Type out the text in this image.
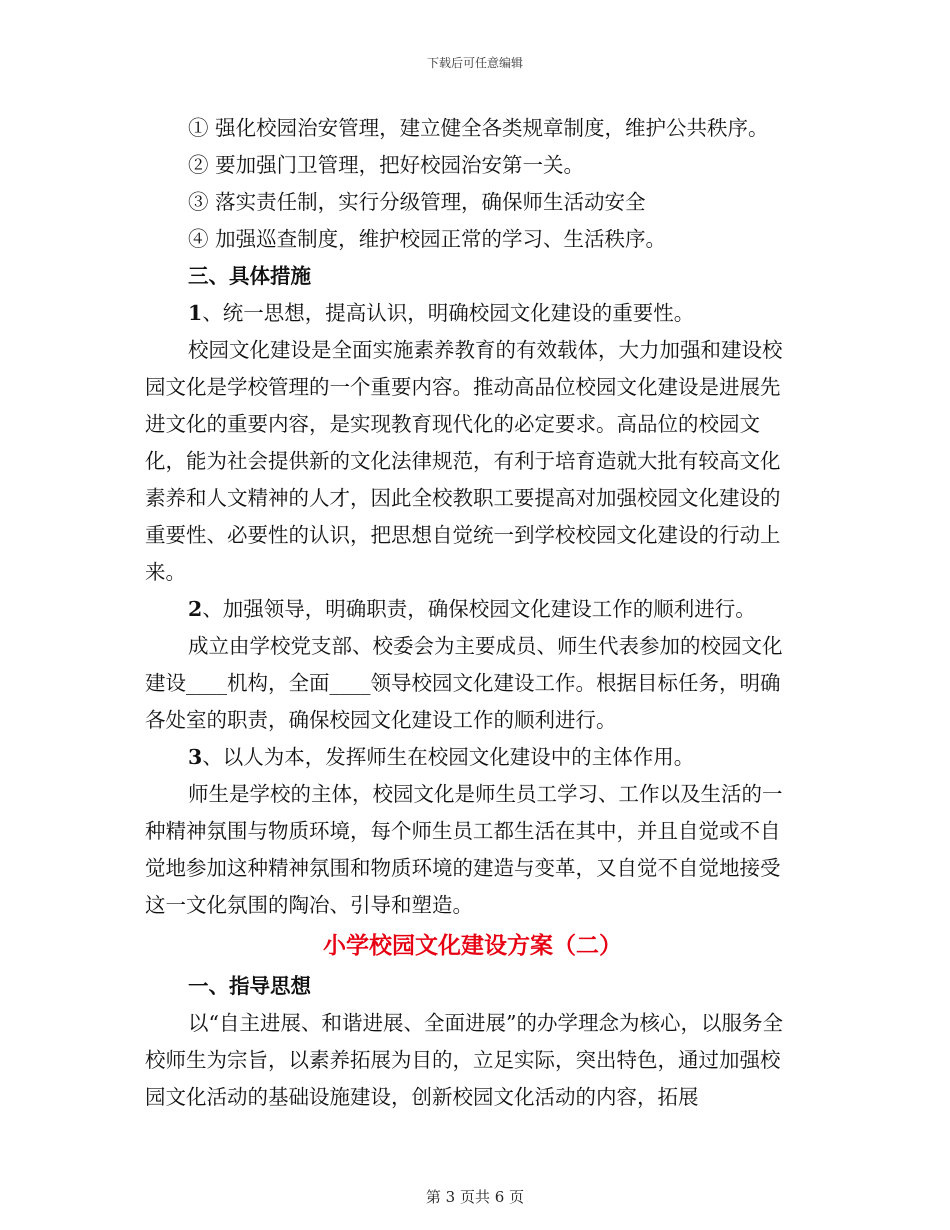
下载后可任意编辑

① 强化校园治安管理，建立健全各类规章制度，维护公共秩序。

② 要加强门卫管理，把好校园治安第一关。

③ 落实责任制，实行分级管理，确保师生活动安全

④ 加强巡查制度，维护校园正常的学习、生活秩序。

三、具体措施

1、统一思想，提高认识，明确校园文化建设的重要性。

校园文化建设是全面实施素养教育的有效载体，大力加强和建设校园文化是学校管理的一个重要内容。推动高品位校园文化建设是进展先进文化的重要内容，是实现教育现代化的必定要求。高品位的校园文化，能为社会提供新的文化法律规范，有利于培育造就大批有较高文化素养和人文精神的人才，因此全校教职工要提高对加强校园文化建设的重要性、必要性的认识，把思想自觉统一到学校校园文化建设的行动上来。

2、加强领导，明确职责，确保校园文化建设工作的顺利进行。

成立由学校党支部、校委会为主要成员、师生代表参加的校园文化建设____机构，全面____领导校园文化建设工作。根据目标任务，明确各处室的职责，确保校园文化建设工作的顺利进行。

3、以人为本，发挥师生在校园文化建设中的主体作用。

师生是学校的主体，校园文化是师生员工学习、工作以及生活的一种精神氛围与物质环境，每个师生员工都生活在其中，并且自觉或不自觉地参加这种精神氛围和物质环境的建造与变革，又自觉不自觉地接受这一文化氛围的陶冶、引导和塑造。

小学校园文化建设方案（二）

一、指导思想

以“自主进展、和谐进展、全面进展”的办学理念为核心，以服务全校师生为宗旨，以素养拓展为目的，立足实际，突出特色，通过加强校园文化活动的基础设施建设，创新校园文化活动的内容，拓展

第 3 页共 6 页
